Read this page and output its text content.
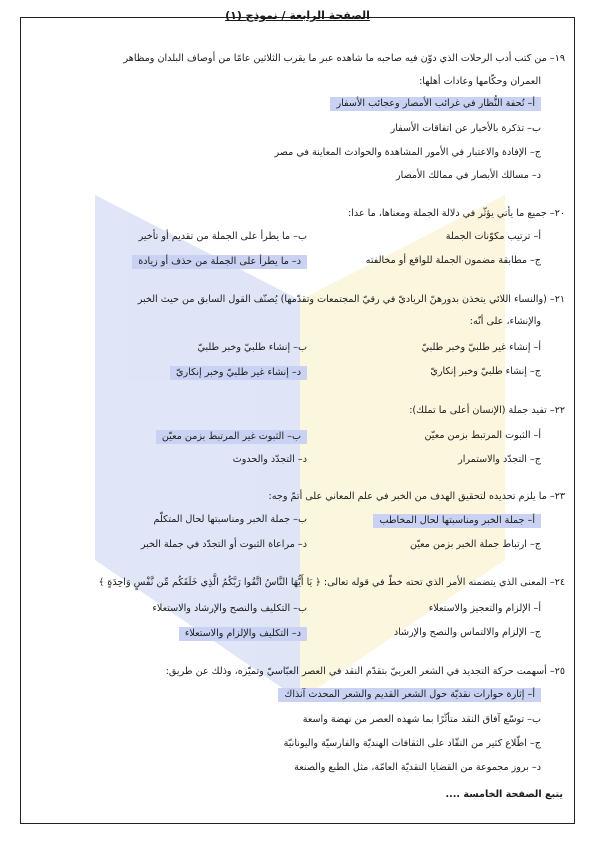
الصفحة الرابعة / نموذج (١)
١٩– من كتب أدب الرحلات الذي دوّن فيه صاحبه ما شاهده عبر ما يقرب الثلاثين عامًا من أوصاف البلدان ومظاهر
العمران وحكّامها وعادات أهلها:
أ– تُحفة النُّظار في غرائب الأمصار وعجائب الأسفار
ب– تذكرة بالأخبار عن اتفاقات الأسفار
ج– الإفادة والاعتبار في الأمور المشاهدة والحوادث المعاينة في مصر
د– مسالك الأبصار في ممالك الأمصار
٢٠– جميع ما يأتي يؤثّر في دلالة الجملة ومعناها، ما عدا:
أ– ترتيب مكوّنات الجملة
ب– ما يطرأ على الجملة من تقديم أو تأخير
ج– مطابقة مضمون الجملة للواقع أو مخالفته
د– ما يطرأ على الجملة من حذف أو زيادة
٢١– (والنساء اللائي يتخذن بدورهنّ الرياديّ في رقيّ المجتمعات وتقدّمها) يُصنّف القول السابق من حيث الخبر
والإنشاء، على أنّه:
أ– إنشاء غير طلبيّ وخبر طلبيّ
ب– إنشاء طلبيّ وخبر طلبيّ
ج– إنشاء طلبيّ وخبر إنكاريّ
د– إنشاء غير طلبيّ وخبر إنكاريّ
٢٢– تفيد جملة (الإنسان أعلى ما تملك):
أ– الثبوت المرتبط بزمن معيّن
ب– الثبوت غير المرتبط بزمن معيّن
ج– التجدّد والاستمرار
د– التجدّد والحدوث
٢٣– ما يلزم تحديده لتحقيق الهدف من الخبر في علم المعاني على أتمّ وجه:
أ– جملة الخبر ومناسبتها لحال المخاطب
ب– جملة الخبر ومناسبتها لحال المتكلّم
ج– ارتباط جملة الخبر بزمن معيّن
د– مراعاة الثبوت أو التجدّد في جملة الخبر
٢٤– المعنى الذي يتضمنه الأمر الذي تحته خطّ في قوله تعالى: ﴿ يَا أَيُّهَا النَّاسُ اتَّقُوا رَبَّكُمُ الَّذِي خَلَقَكُم مِّن نَّفْسٍ وَاحِدَةٍ ﴾
أ– الإلزام والتعجيز والاستعلاء
ب– التكليف والنصح والإرشاد والاستعلاء
ج– الإلزام والالتماس والنصح والإرشاد
د– التكليف والإلزام والاستعلاء
٢٥– أسهمت حركة التجديد في الشعر العربيّ بتقدّم النقد في العصر العبّاسيّ وتميّزه، وذلك عن طريق:
أ– إثارة حوارات نقديّة حول الشعر القديم والشعر المحدث آنذاك
ب– توسّع آفاق النقد متأثّرًا بما شهده العصر من نهضة واسعة
ج– اطّلاع كثير من النقّاد على الثقافات الهنديّة والفارسيّة واليونانيّة
د– بروز مجموعة من القضايا النقديّة العامّة، مثل الطبع والصنعة
يتبع الصفحة الخامسة ....
